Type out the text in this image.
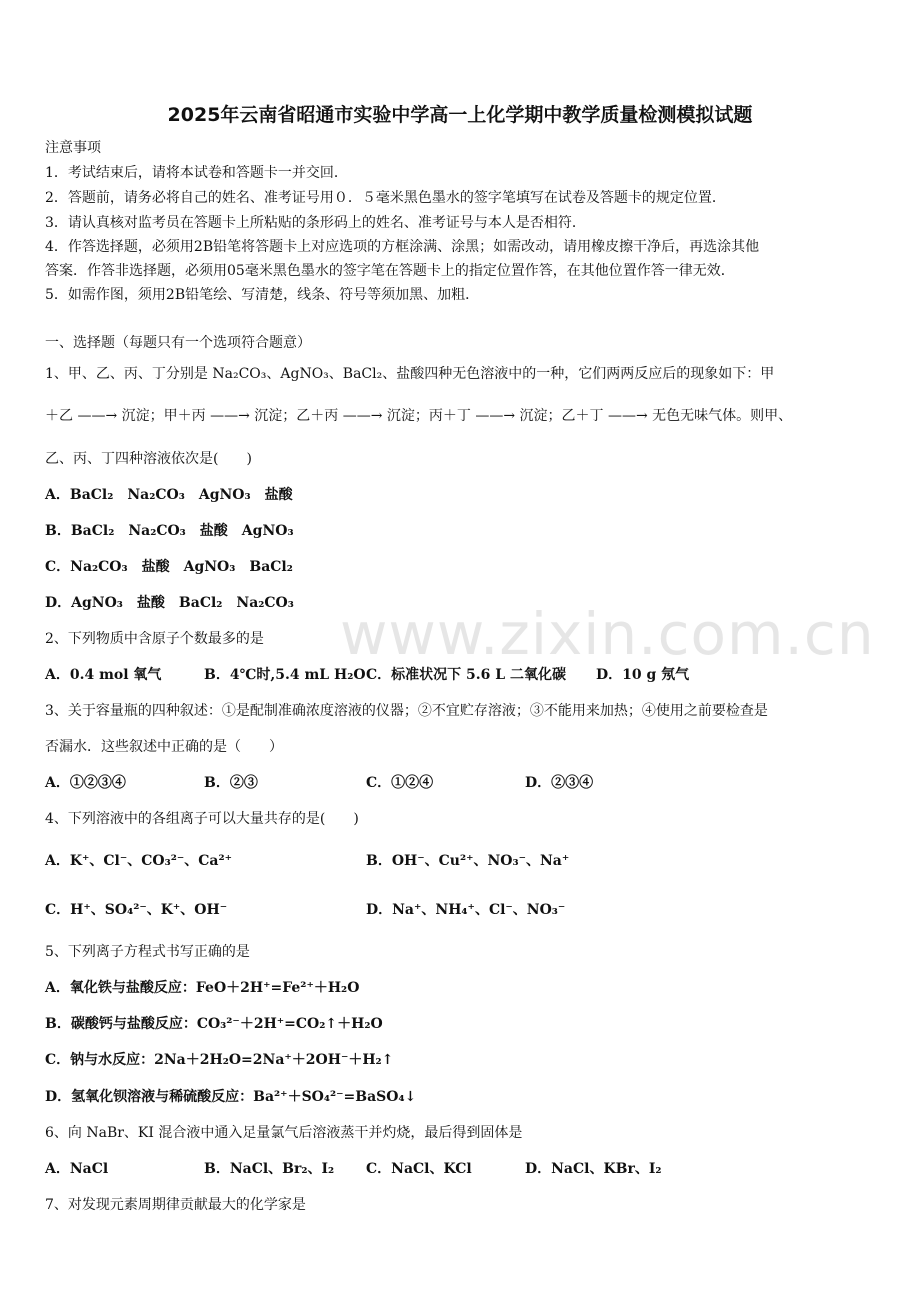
www.zixin.com.cn
2025年云南省昭通市实验中学高一上化学期中教学质量检测模拟试题
注意事项
1．考试结束后，请将本试卷和答题卡一并交回．
2．答题前，请务必将自己的姓名、准考证号用０．５毫米黑色墨水的签字笔填写在试卷及答题卡的规定位置．
3．请认真核对监考员在答题卡上所粘贴的条形码上的姓名、准考证号与本人是否相符．
4．作答选择题，必须用2B铅笔将答题卡上对应选项的方框涂满、涂黑；如需改动，请用橡皮擦干净后，再选涂其他
答案．作答非选择题，必须用05毫米黑色墨水的签字笔在答题卡上的指定位置作答，在其他位置作答一律无效．
5．如需作图，须用2B铅笔绘、写清楚，线条、符号等须加黑、加粗．
一、选择题（每题只有一个选项符合题意）
1、甲、乙、丙、丁分别是 Na₂CO₃、AgNO₃、BaCl₂、盐酸四种无色溶液中的一种，它们两两反应后的现象如下：甲
＋乙 ——→ 沉淀；甲＋丙 ——→ 沉淀；乙＋丙 ——→ 沉淀；丙＋丁 ——→ 沉淀；乙＋丁 ——→ 无色无味气体。则甲、
乙、丙、丁四种溶液依次是(　　)
A．BaCl₂　Na₂CO₃　AgNO₃　盐酸
B．BaCl₂　Na₂CO₃　盐酸　AgNO₃
C．Na₂CO₃　盐酸　AgNO₃　BaCl₂
D．AgNO₃　盐酸　BaCl₂　Na₂CO₃
2、下列物质中含原子个数最多的是
A．0.4 mol 氧气	B．4℃时,5.4 mL H₂O C．标准状况下 5.6 L 二氧化碳 D．10 g 氖气
3、关于容量瓶的四种叙述：①是配制准确浓度溶液的仪器；②不宜贮存溶液；③不能用来加热；④使用之前要检查是
否漏水．这些叙述中正确的是（　　）
A．①②③④	B．②③	C．①②④	D．②③④
4、下列溶液中的各组离子可以大量共存的是(　　)
A．K⁺、Cl⁻、CO₃²⁻、Ca²⁺	B．OH⁻、Cu²⁺、NO₃⁻、Na⁺
C．H⁺、SO₄²⁻、K⁺、OH⁻	D．Na⁺、NH₄⁺、Cl⁻、NO₃⁻
5、下列离子方程式书写正确的是
A．氧化铁与盐酸反应：FeO＋2H⁺=Fe²⁺＋H₂O
B．碳酸钙与盐酸反应：CO₃²⁻＋2H⁺=CO₂↑＋H₂O
C．钠与水反应：2Na＋2H₂O=2Na⁺＋2OH⁻＋H₂↑
D．氢氧化钡溶液与稀硫酸反应：Ba²⁺＋SO₄²⁻=BaSO₄↓
6、向 NaBr、KI 混合液中通入足量氯气后溶液蒸干并灼烧，最后得到固体是
A．NaCl	B．NaCl、Br₂、I₂ C．NaCl、KCl	D．NaCl、KBr、I₂
7、对发现元素周期律贡献最大的化学家是
